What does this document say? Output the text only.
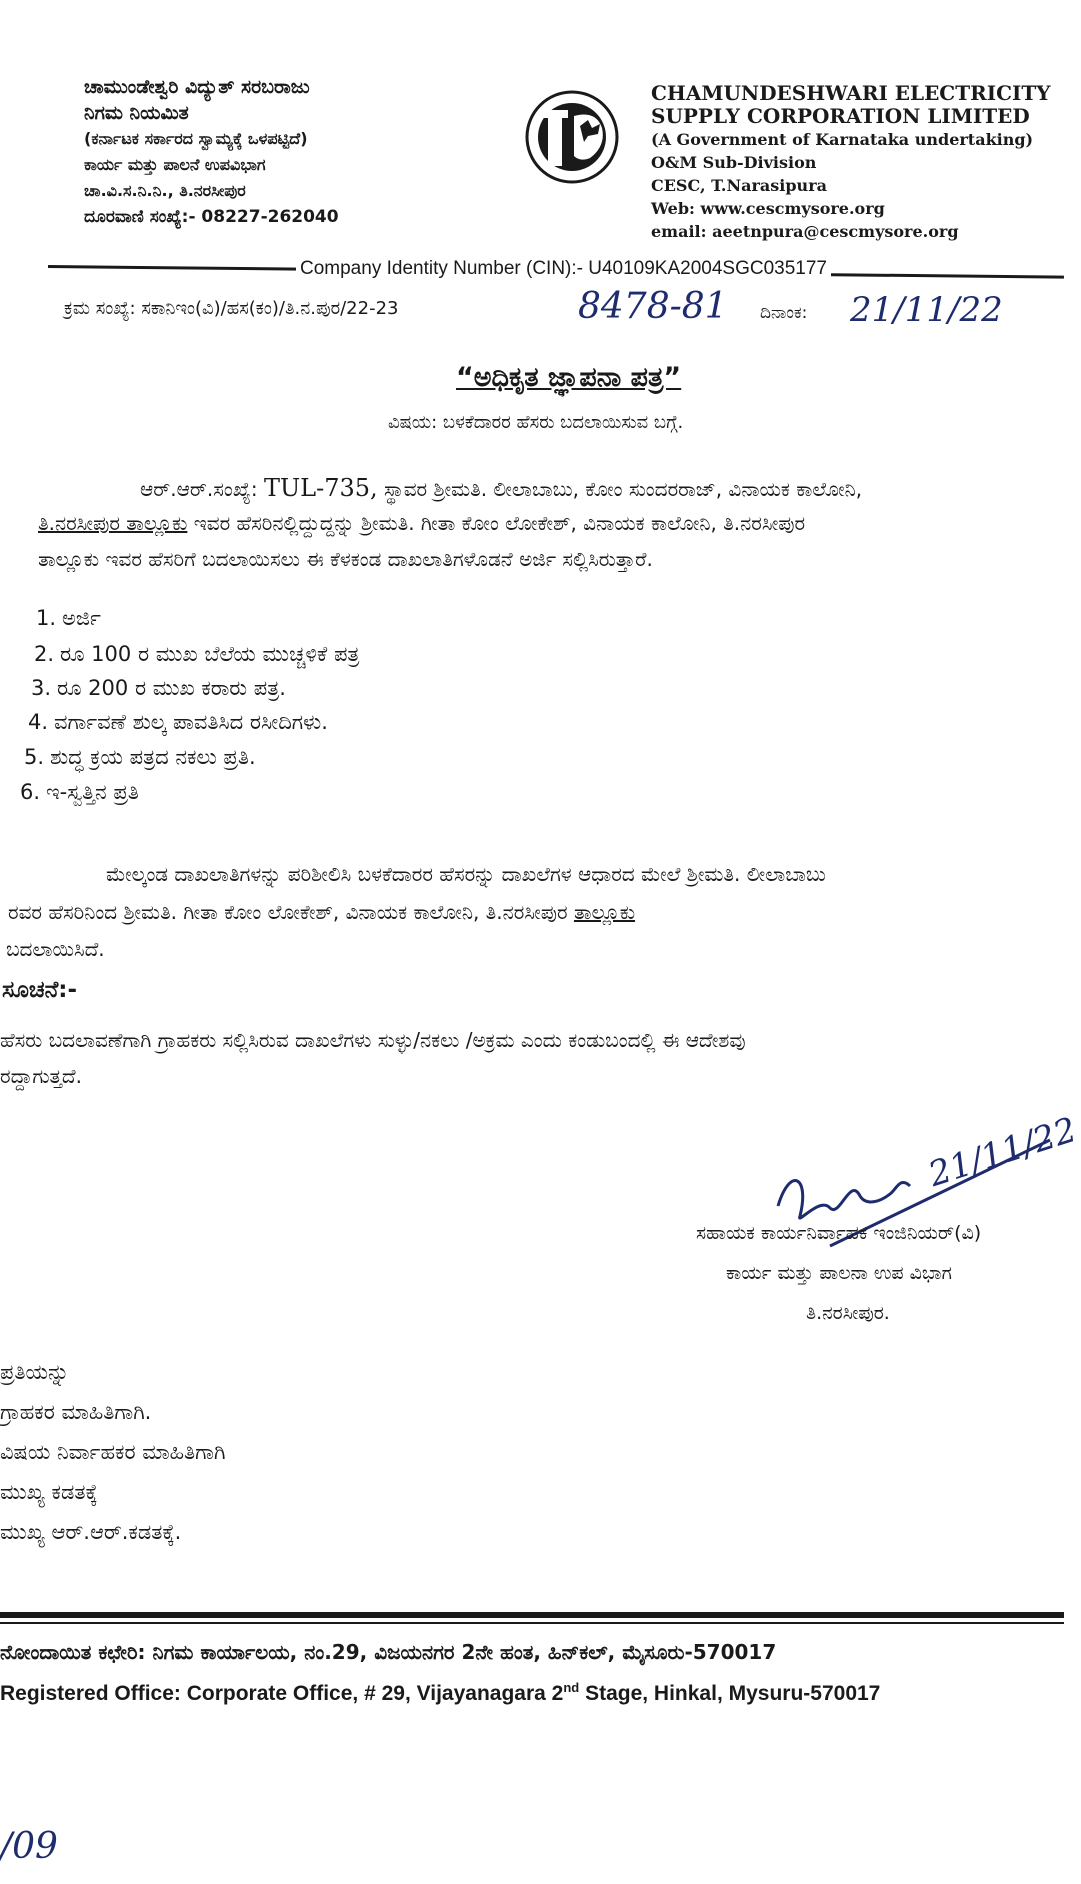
ಚಾಮುಂಡೇಶ್ವರಿ ವಿದ್ಯುತ್ ಸರಬರಾಜು
ನಿಗಮ ನಿಯಮಿತ
(ಕರ್ನಾಟಕ ಸರ್ಕಾರದ ಸ್ವಾಮ್ಯಕ್ಕೆ ಒಳಪಟ್ಟಿದೆ)
ಕಾರ್ಯ ಮತ್ತು ಪಾಲನೆ ಉಪವಿಭಾಗ
ಚಾ.ವಿ.ಸ.ನಿ.ನಿ., ತಿ.ನರಸೀಪುರ
ದೂರವಾಣಿ ಸಂಖ್ಯೆ:- 08227-262040
CHAMUNDESHWARI ELECTRICITY
SUPPLY CORPORATION LIMITED
(A Government of Karnataka undertaking)
O&M Sub-Division
CESC, T.Narasipura
Web: www.cescmysore.org
email: aeetnpura@cescmysore.org
Company Identity Number (CIN):- U40109KA2004SGC035177
ಕ್ರಮ ಸಂಖ್ಯೆ: ಸಕಾನಿಇಂ(ವಿ)/ಹಸ(ಕಂ)/ತಿ.ನ.ಪುರ/22-23	8478-81 ದಿನಾಂಕ: 21/11/22
“ಅಧಿಕೃತ ಜ್ಞಾಪನಾ ಪತ್ರ”
ವಿಷಯ: ಬಳಕೆದಾರರ ಹೆಸರು ಬದಲಾಯಿಸುವ ಬಗ್ಗೆ.
ಆರ್.ಆರ್.ಸಂಖ್ಯೆ: TUL-735, ಸ್ಥಾವರ ಶ್ರೀಮತಿ. ಲೀಲಾಬಾಬು, ಕೋಂ ಸುಂದರರಾಜ್, ವಿನಾಯಕ ಕಾಲೋನಿ,
ತಿ.ನರಸೀಪುರ ತಾಲ್ಲೂಕು ಇವರ ಹೆಸರಿನಲ್ಲಿದ್ದುದ್ದನ್ನು ಶ್ರೀಮತಿ. ಗೀತಾ ಕೋಂ ಲೋಕೇಶ್, ವಿನಾಯಕ ಕಾಲೋನಿ, ತಿ.ನರಸೀಪುರ
ತಾಲ್ಲೂಕು ಇವರ ಹೆಸರಿಗೆ ಬದಲಾಯಿಸಲು ಈ ಕೆಳಕಂಡ ದಾಖಲಾತಿಗಳೊಡನೆ ಅರ್ಜಿ ಸಲ್ಲಿಸಿರುತ್ತಾರೆ.
1. ಅರ್ಜಿ
2. ರೂ 100 ರ ಮುಖ ಬೆಲೆಯ ಮುಚ್ಚಳಿಕೆ ಪತ್ರ
3. ರೂ 200 ರ ಮುಖ ಕರಾರು ಪತ್ರ.
4. ವರ್ಗಾವಣೆ ಶುಲ್ಕ ಪಾವತಿಸಿದ ರಸೀದಿಗಳು.
5. ಶುದ್ಧ ಕ್ರಯ ಪತ್ರದ ನಕಲು ಪ್ರತಿ.
6. ಇ-ಸ್ವತ್ತಿನ ಪ್ರತಿ
ಮೇಲ್ಕಂಡ ದಾಖಲಾತಿಗಳನ್ನು ಪರಿಶೀಲಿಸಿ ಬಳಕೆದಾರರ ಹೆಸರನ್ನು ದಾಖಲೆಗಳ ಆಧಾರದ ಮೇಲೆ ಶ್ರೀಮತಿ. ಲೀಲಾಬಾಬು
ರವರ ಹೆಸರಿನಿಂದ ಶ್ರೀಮತಿ. ಗೀತಾ ಕೋಂ ಲೋಕೇಶ್, ವಿನಾಯಕ ಕಾಲೋನಿ, ತಿ.ನರಸೀಪುರ ತಾಲ್ಲೂಕು
ಬದಲಾಯಿಸಿದೆ.
ಸೂಚನೆ:-
ಹೆಸರು ಬದಲಾವಣೆಗಾಗಿ ಗ್ರಾಹಕರು ಸಲ್ಲಿಸಿರುವ ದಾಖಲೆಗಳು ಸುಳ್ಳು/ನಕಲು /ಅಕ್ರಮ ಎಂದು ಕಂಡುಬಂದಲ್ಲಿ ಈ ಆದೇಶವು
ರದ್ದಾಗುತ್ತದೆ.
21/11/22
ಸಹಾಯಕ ಕಾರ್ಯನಿರ್ವಾಹಕ ಇಂಜಿನಿಯರ್(ವಿ)
ಕಾರ್ಯ ಮತ್ತು ಪಾಲನಾ ಉಪ ವಿಭಾಗ
ತಿ.ನರಸೀಪುರ.
ಪ್ರತಿಯನ್ನು
ಗ್ರಾಹಕರ ಮಾಹಿತಿಗಾಗಿ.
ವಿಷಯ ನಿರ್ವಾಹಕರ ಮಾಹಿತಿಗಾಗಿ
ಮುಖ್ಯ ಕಡತಕ್ಕೆ
ಮುಖ್ಯ ಆರ್.ಆರ್.ಕಡತಕ್ಕೆ.
ನೋಂದಾಯಿತ ಕಛೇರಿ: ನಿಗಮ ಕಾರ್ಯಾಲಯ, ನಂ.29, ವಿಜಯನಗರ 2ನೇ ಹಂತ, ಹಿನ್‌ಕಲ್, ಮೈಸೂರು-570017
Registered Office: Corporate Office, # 29, Vijayanagara 2nd Stage, Hinkal, Mysuru-570017
/09
